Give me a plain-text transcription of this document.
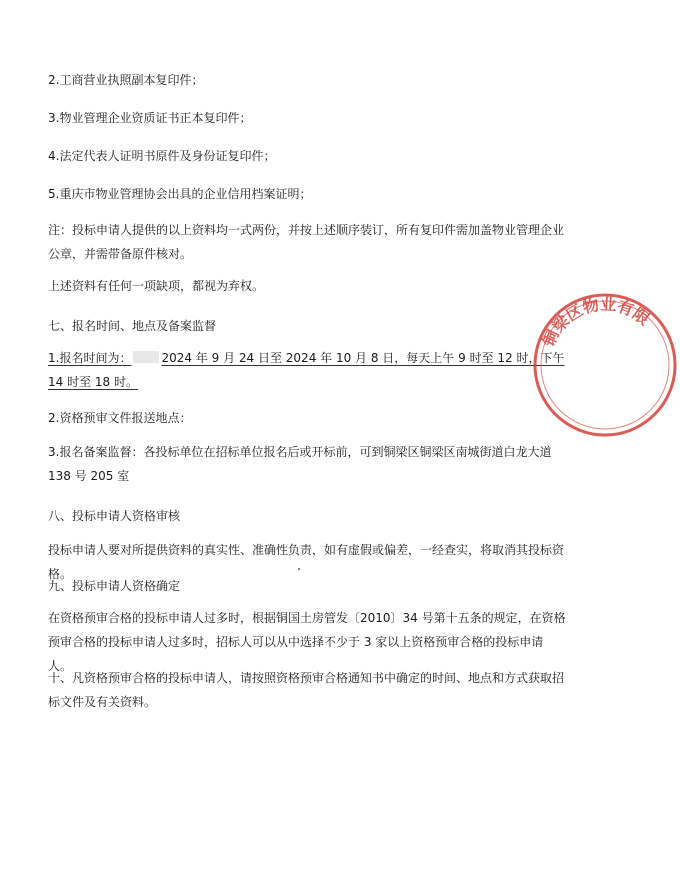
2.工商营业执照副本复印件；

3.物业管理企业资质证书正本复印件；

4.法定代表人证明书原件及身份证复印件；

5.重庆市物业管理协会出具的企业信用档案证明；

注：投标申请人提供的以上资料均一式两份，并按上述顺序装订，所有复印件需加盖物业管理企业公章，并需带备原件核对。

上述资料有任何一项缺项，都视为弃权。

七、报名时间、地点及备案监督

1.报名时间为：	2024 年 9 月 24 日至 2024 年 10 月 8 日，每天上午 9 时至 12 时，下午 14 时至 18 时。

2.资格预审文件报送地点：

3.报名备案监督：各投标单位在招标单位报名后或开标前，可到铜梁区铜梁区南城街道白龙大道 138 号 205 室

八、投标申请人资格审核

投标申请人要对所提供资料的真实性、准确性负责，如有虚假或偏差，一经查实，将取消其投标资格。

九、投标申请人资格确定

在资格预审合格的投标申请人过多时，根据铜国土房管发〔2010〕34 号第十五条的规定，在资格预审合格的投标申请人过多时，招标人可以从中选择不少于 3 家以上资格预审合格的投标申请人。

十、凡资格预审合格的投标申请人，请按照资格预审合格通知书中确定的时间、地点和方式获取招标文件及有关资料。

铜梁区物业有限
